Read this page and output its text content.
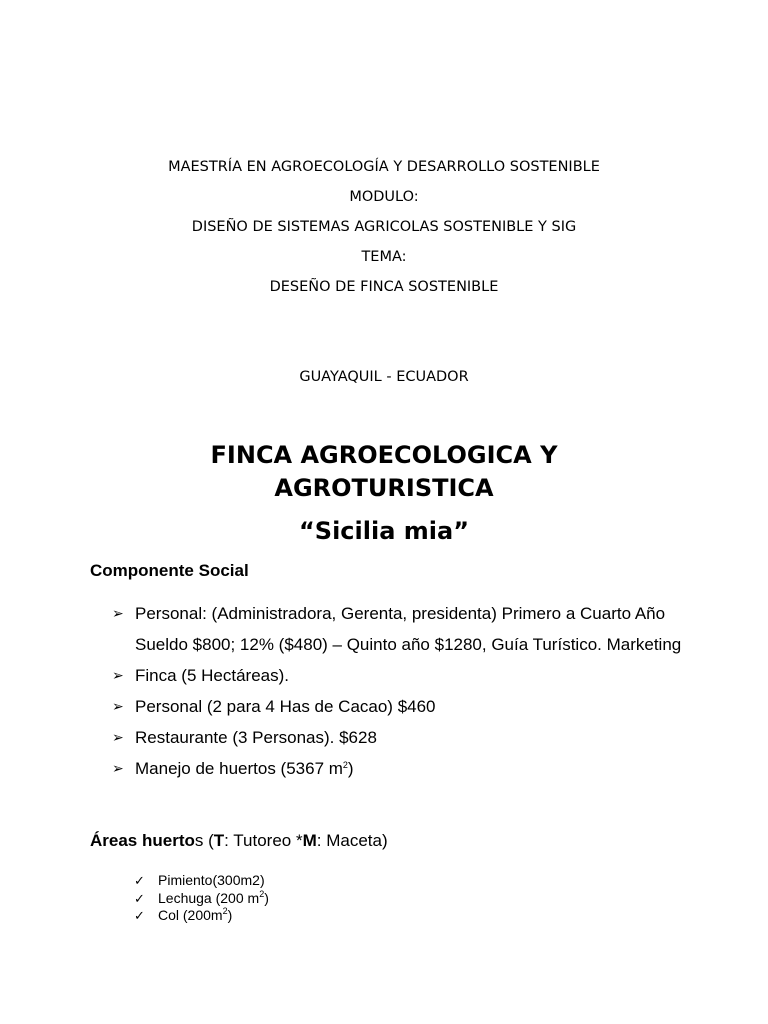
MAESTRÍA EN AGROECOLOGÍA Y DESARROLLO SOSTENIBLE
MODULO:
DISEÑO DE SISTEMAS AGRICOLAS SOSTENIBLE Y SIG
TEMA:
DESEÑO DE FINCA SOSTENIBLE
GUAYAQUIL - ECUADOR
FINCA AGROECOLOGICA Y
AGROTURISTICA
“Sicilia mia”
Componente Social
➢ Personal: (Administradora, Gerenta, presidenta) Primero a Cuarto Año Sueldo $800; 12% ($480) – Quinto año $1280, Guía Turístico. Marketing
➢ Finca (5 Hectáreas).
➢ Personal (2 para 4 Has de Cacao) $460
➢ Restaurante (3 Personas). $628
➢ Manejo de huertos (5367 $m^2$)
Áreas huertos (T: Tutoreo *M: Maceta)
✓ Pimiento(300m2)
✓ Lechuga (200 $m^2$)
✓ Col $(200m^2)$
